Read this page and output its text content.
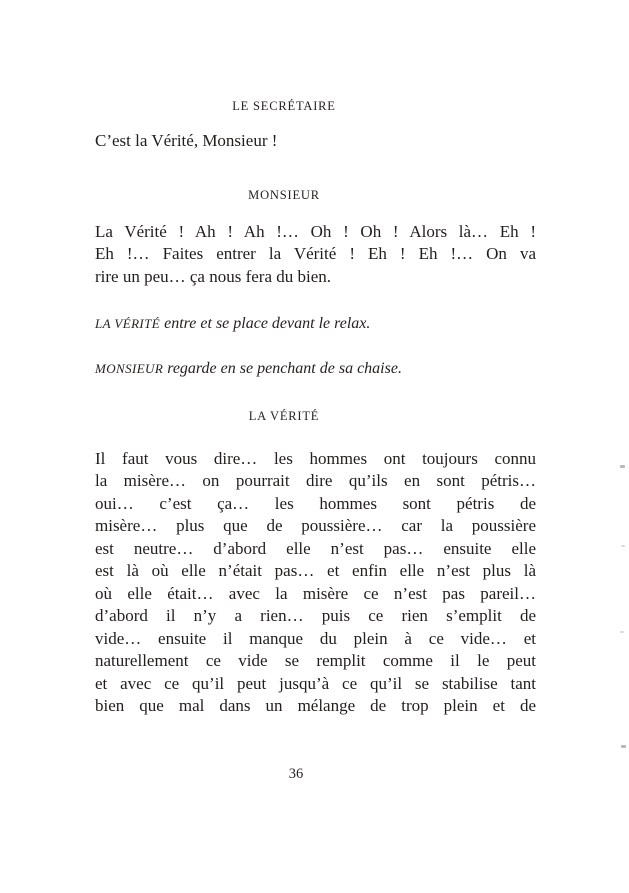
LE SECRÉTAIRE
C’est la Vérité, Monsieur !
MONSIEUR
La Vérité ! Ah ! Ah !… Oh ! Oh ! Alors là… Eh !
Eh !… Faites entrer la Vérité ! Eh ! Eh !… On va
rire un peu… ça nous fera du bien.
LA VÉRITÉ entre et se place devant le relax.
MONSIEUR regarde en se penchant de sa chaise.
LA VÉRITÉ
Il faut vous dire… les hommes ont toujours connu
la misère… on pourrait dire qu’ils en sont pétris…
oui… c’est ça… les hommes sont pétris de
misère… plus que de poussière… car la poussière
est neutre… d’abord elle n’est pas… ensuite elle
est là où elle n’était pas… et enfin elle n’est plus là
où elle était… avec la misère ce n’est pas pareil…
d’abord il n’y a rien… puis ce rien s’emplit de
vide… ensuite il manque du plein à ce vide… et
naturellement ce vide se remplit comme il le peut
et avec ce qu’il peut jusqu’à ce qu’il se stabilise tant
bien que mal dans un mélange de trop plein et de
36
